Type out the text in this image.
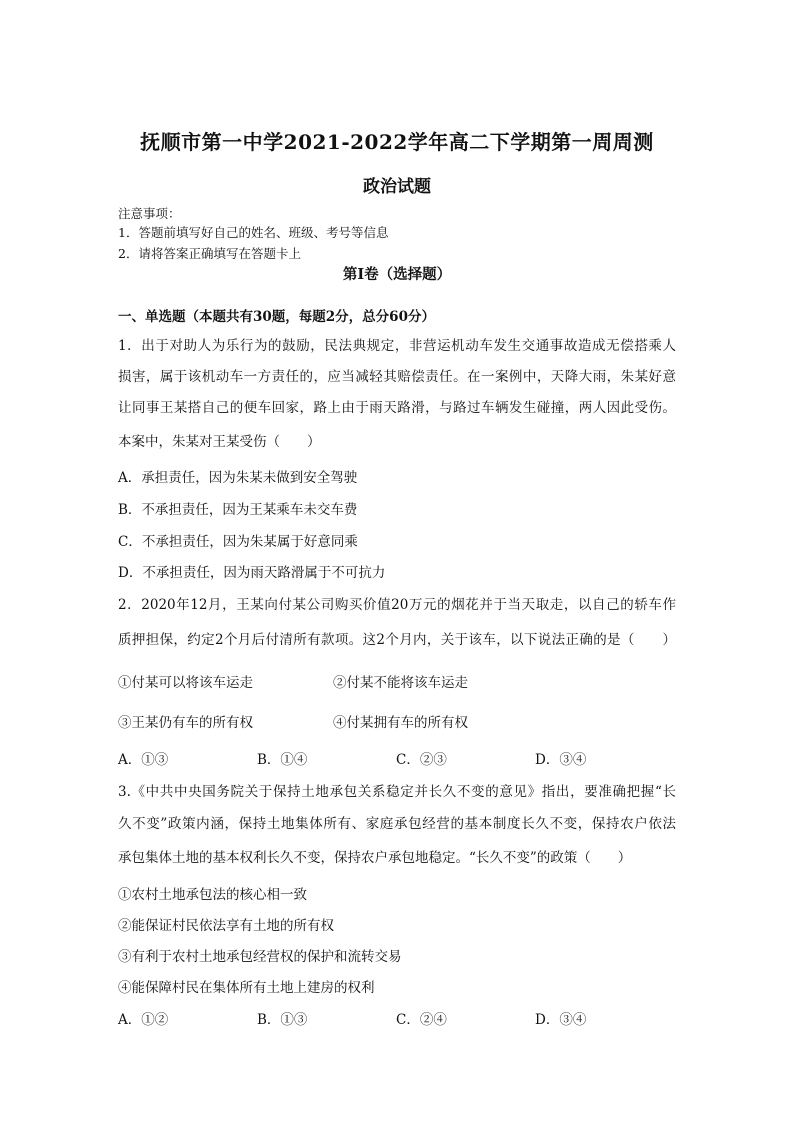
抚顺市第一中学2021-2022学年高二下学期第一周周测
政治试题
注意事项：
1．答题前填写好自己的姓名、班级、考号等信息
2．请将答案正确填写在答题卡上
第I卷（选择题）
一、单选题（本题共有30题，每题2分，总分60分）
1．出于对助人为乐行为的鼓励，民法典规定，非营运机动车发生交通事故造成无偿搭乘人
损害，属于该机动车一方责任的，应当减轻其赔偿责任。在一案例中，天降大雨，朱某好意
让同事王某搭自己的便车回家，路上由于雨天路滑，与路过车辆发生碰撞，两人因此受伤。
本案中，朱某对王某受伤（　　）
A．承担责任，因为朱某未做到安全驾驶
B．不承担责任，因为王某乘车未交车费
C．不承担责任，因为朱某属于好意同乘
D．不承担责任，因为雨天路滑属于不可抗力
2．2020年12月，王某向付某公司购买价值20万元的烟花并于当天取走，以自己的轿车作
质押担保，约定2个月后付清所有款项。这2个月内，关于该车，以下说法正确的是（　　）
①付某可以将该车运走	②付某不能将该车运走
③王某仍有车的所有权	④付某拥有车的所有权
A．①③	B．①④	C．②③	D．③④
3.《中共中央国务院关于保持土地承包关系稳定并长久不变的意见》指出，要准确把握“长
久不变”政策内涵，保持土地集体所有、家庭承包经营的基本制度长久不变，保持农户依法
承包集体土地的基本权利长久不变，保持农户承包地稳定。“长久不变”的政策（　　）
①农村土地承包法的核心相一致
②能保证村民依法享有土地的所有权
③有利于农村土地承包经营权的保护和流转交易
④能保障村民在集体所有土地上建房的权利
A．①②	B．①③	C．②④	D．③④
